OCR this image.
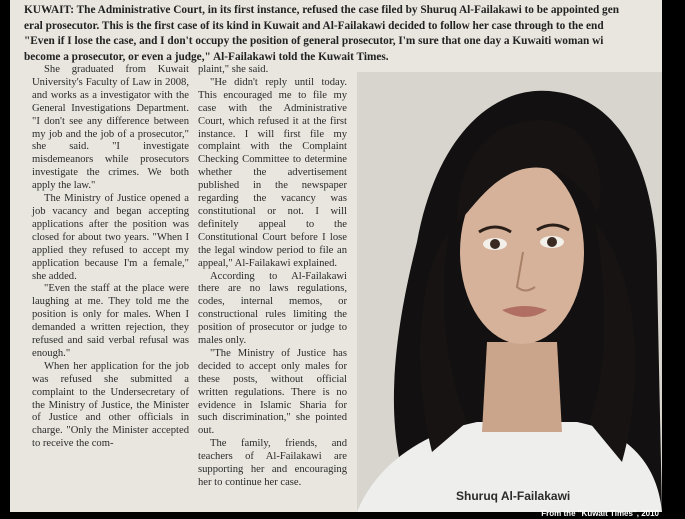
KUWAIT: The Administrative Court, in its first instance, refused the case filed by Shuruq Al-Failakawi to be appointed gen
eral prosecutor. This is the first case of its kind in Kuwait and Al-Failakawi decided to follow her case through to the end
"Even if I lose the case, and I don't occupy the position of general prosecutor, I'm sure that one day a Kuwaiti woman wi
become a prosecutor, or even a judge," Al-Failakawi told the Kuwait Times.

She graduated from Kuwait University's Faculty of Law in 2008, and works as a investigator with the General Investigations Department. "I don't see any difference between my job and the job of a prosecutor," she said. "I investigate misdemeanors while prosecutors investigate the crimes. We both apply the law."

The Ministry of Justice opened a job vacancy and began accepting applications after the position was closed for about two years. "When I applied they refused to accept my application because I'm a female," she added.

"Even the staff at the place were laughing at me. They told me the position is only for males. When I demanded a written rejection, they refused and said verbal refusal was enough."

When her application for the job was refused she submitted a complaint to the Undersecretary of the Ministry of Justice, the Minister of Justice and other officials in charge. "Only the Minister accepted to receive the com-

plaint," she said.

"He didn't reply until today. This encouraged me to file my case with the Administrative Court, which refused it at the first instance. I will first file my complaint with the Complaint Checking Committee to determine whether the advertisement published in the newspaper regarding the vacancy was constitutional or not. I will definitely appeal to the Constitutional Court before I lose the legal window period to file an appeal," Al-Failakawi explained.

According to Al-Failakawi there are no laws regulations, codes, internal memos, or constructional rules limiting the position of prosecutor or judge to males only.

"The Ministry of Justice has decided to accept only males for these posts, without official written regulations. There is no evidence in Islamic Sharia for such discrimination," she pointed out.

The family, friends, and teachers of Al-Failakawi are supporting her and encouraging her to continue her case.

Shuruq Al-Failakawi
From the "Kuwait Times", 2010
